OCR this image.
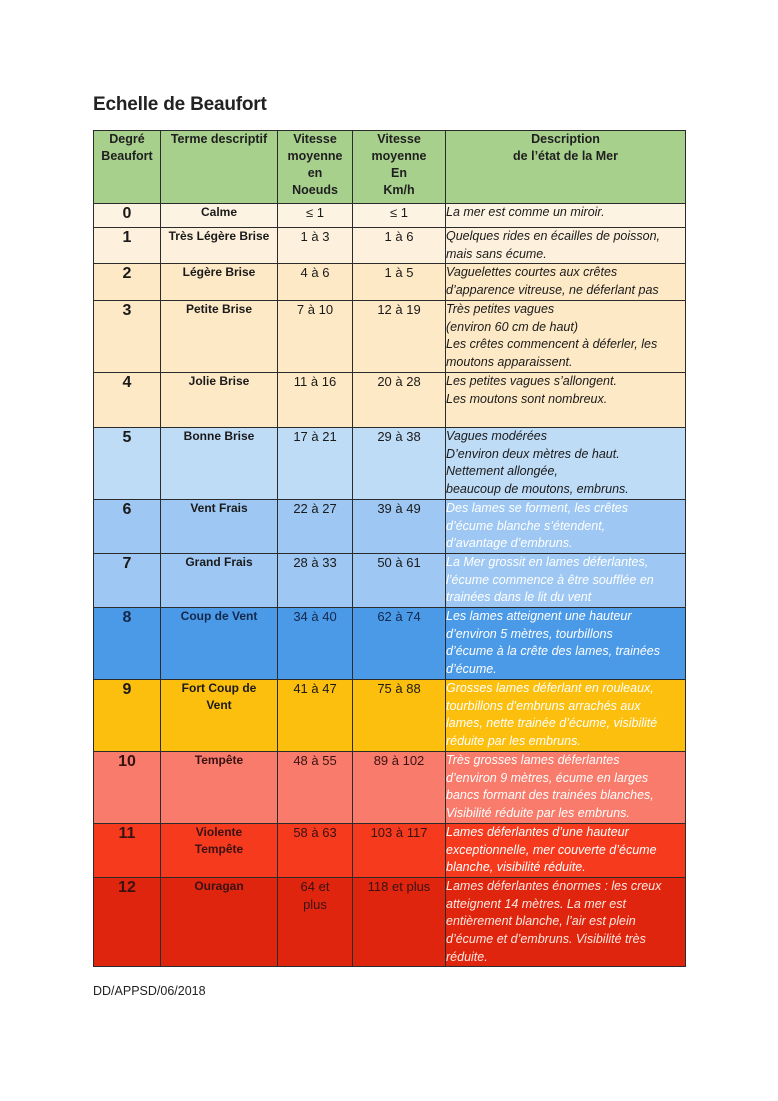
Echelle de Beaufort
Degré
Beaufort	Terme descriptif	Vitesse
moyenne
en
Noeuds	Vitesse
moyenne
En
Km/h	Description
de l’état de la Mer
0	Calme	≤ 1	≤ 1	La mer est comme un miroir.
1	Très Légère Brise	1 à 3	1 à 6	Quelques rides en écailles de poisson,
mais sans écume.
2	Légère Brise	4 à 6	1 à 5	Vaguelettes courtes aux crêtes
d’apparence vitreuse, ne déferlant pas
3	Petite Brise	7 à 10	12 à 19	Très petites vagues
(environ 60 cm de haut)
Les crêtes commencent à déferler, les
moutons apparaissent.
4	Jolie Brise	11 à 16	20 à 28	Les petites vagues s’allongent.
Les moutons sont nombreux.
5	Bonne Brise	17 à 21	29 à 38	Vagues modérées
D’environ deux mètres de haut.
Nettement allongée,
beaucoup de moutons, embruns.
6	Vent Frais	22 à 27	39 à 49	Des lames se forment, les crêtes
d’écume blanche s’étendent,
d’avantage d’embruns.
7	Grand Frais	28 à 33	50 à 61	La Mer grossit en lames déferlantes,
l’écume commence à être soufflée en
trainées dans le lit du vent
8	Coup de Vent	34 à 40	62 à 74	Les lames atteignent une hauteur
d’environ 5 mètres, tourbillons
d’écume à la crête des lames, trainées
d’écume.
9	Fort Coup de
Vent	41 à 47	75 à 88	Grosses lames déferlant en rouleaux,
tourbillons d’embruns arrachés aux
lames, nette trainée d’écume, visibilité
réduite par les embruns.
10	Tempête	48 à 55	89 à 102	Très grosses lames déferlantes
d’environ 9 mètres, écume en larges
bancs formant des trainées blanches,
Visibilité réduite par les embruns.
11	Violente
Tempête	58 à 63	103 à 117	Lames déferlantes d’une hauteur
exceptionnelle, mer couverte d’écume
blanche, visibilité réduite.
12	Ouragan	64 et
plus	118 et plus	Lames déferlantes énormes : les creux
atteignent 14 mètres. La mer est
entièrement blanche, l’air est plein
d’écume et d’embruns. Visibilité très
réduite.
DD/APPSD/06/2018
